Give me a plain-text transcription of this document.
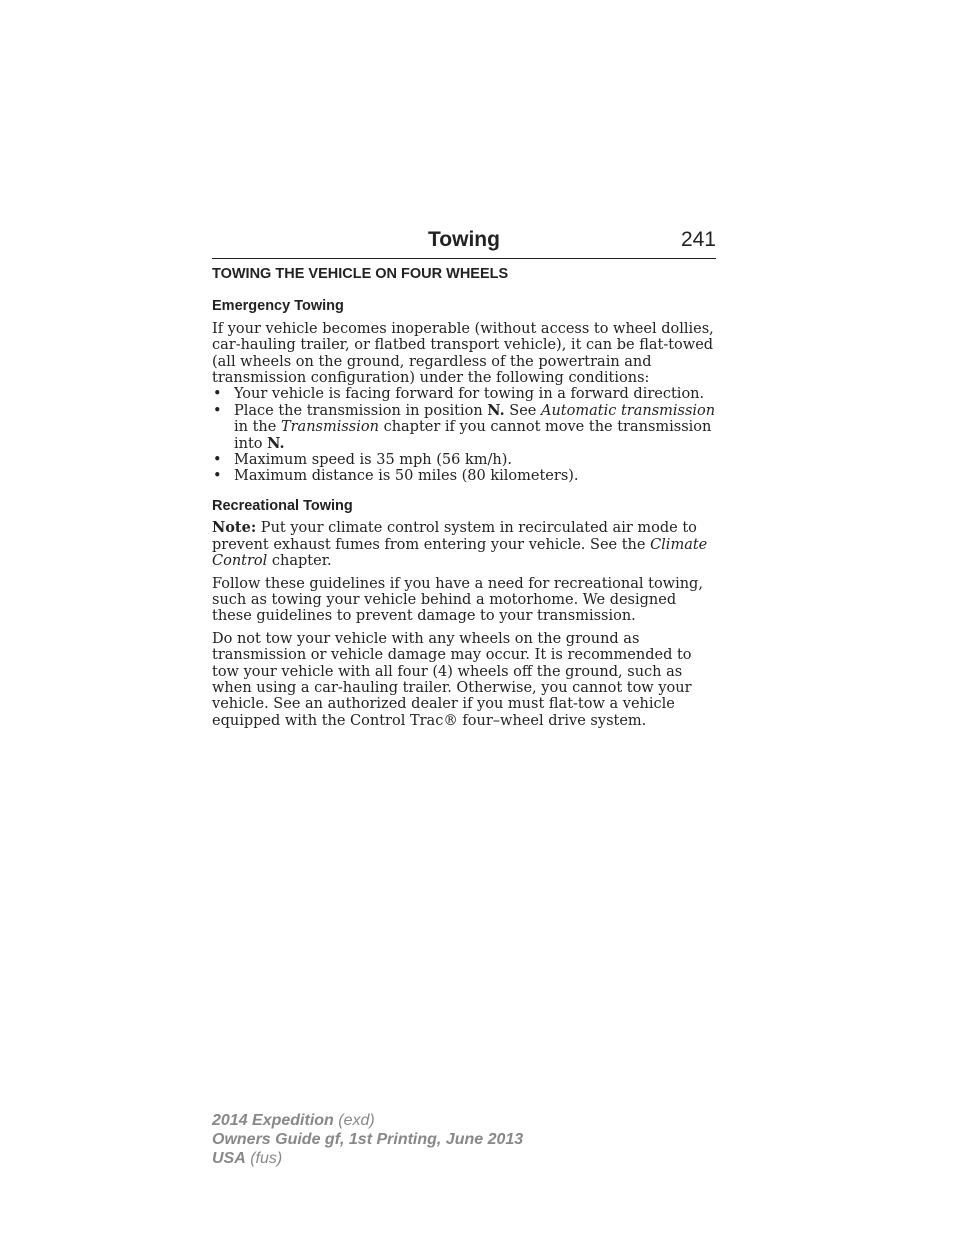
Towing	241
TOWING THE VEHICLE ON FOUR WHEELS
Emergency Towing

If your vehicle becomes inoperable (without access to wheel dollies, car-hauling trailer, or flatbed transport vehicle), it can be flat-towed (all wheels on the ground, regardless of the powertrain and transmission configuration) under the following conditions:

• Your vehicle is facing forward for towing in a forward direction.
• Place the transmission in position N. See Automatic transmission in the Transmission chapter if you cannot move the transmission into N.
• Maximum speed is 35 mph (56 km/h).
• Maximum distance is 50 miles (80 kilometers).
Recreational Towing

Note: Put your climate control system in recirculated air mode to prevent exhaust fumes from entering your vehicle. See the Climate Control chapter.

Follow these guidelines if you have a need for recreational towing, such as towing your vehicle behind a motorhome. We designed these guidelines to prevent damage to your transmission.

Do not tow your vehicle with any wheels on the ground as transmission or vehicle damage may occur. It is recommended to tow your vehicle with all four (4) wheels off the ground, such as when using a car-hauling trailer. Otherwise, you cannot tow your vehicle. See an authorized dealer if you must flat-tow a vehicle equipped with the Control Trac® four–wheel drive system.

2014 Expedition (exd)
Owners Guide gf, 1st Printing, June 2013
USA (fus)
